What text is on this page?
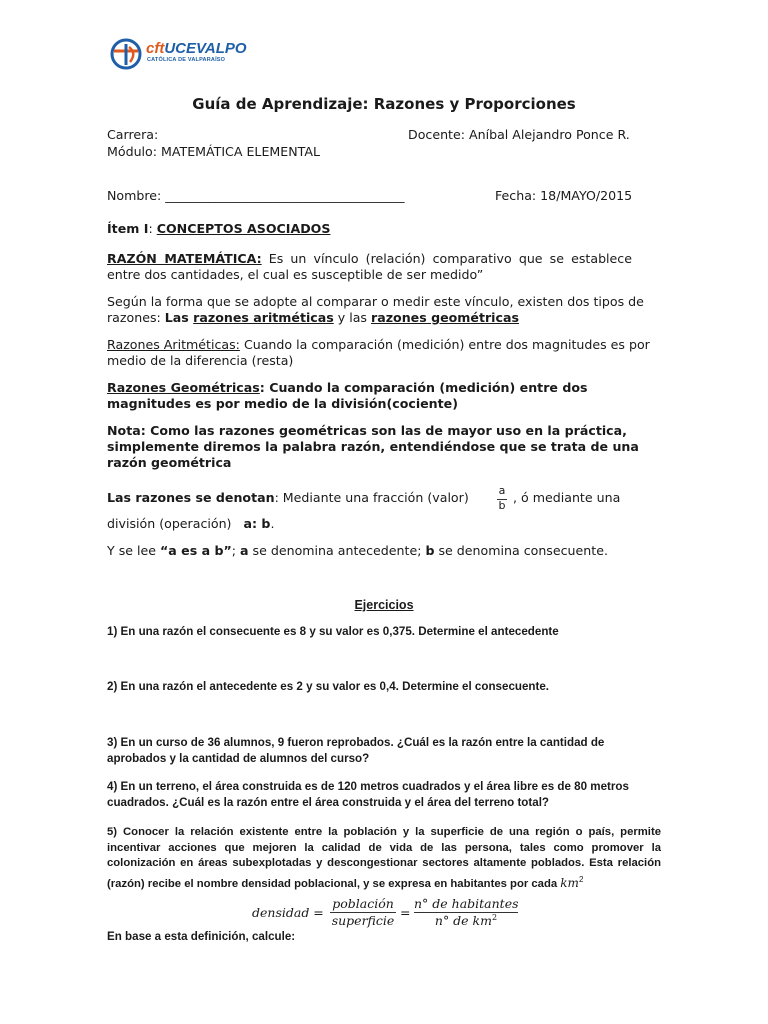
cftUCEVALPO
CATÓLICA DE VALPARAÍSO
Guía de Aprendizaje: Razones y Proporciones
Carrera:	Docente: Aníbal Alejandro Ponce R.
Módulo: MATEMÁTICA ELEMENTAL
Nombre: ______________________________________	Fecha: 18/MAYO/2015
Ítem I: CONCEPTOS ASOCIADOS
RAZÓN MATEMÁTICA: Es un vínculo (relación) comparativo que se establece entre dos cantidades, el cual es susceptible de ser medido”
Según la forma que se adopte al comparar o medir este vínculo, existen dos tipos de razones: Las razones aritméticas y las razones geométricas
Razones Aritméticas: Cuando la comparación (medición) entre dos magnitudes es por medio de la diferencia (resta)
Razones Geométricas: Cuando la comparación (medición) entre dos magnitudes es por medio de la división(cociente)
Nota: Como las razones geométricas son las de mayor uso en la práctica, simplemente diremos la palabra razón, entendiéndose que se trata de una razón geométrica
Las razones se denotan: Mediante una fracción (valor)	a
b
, ó mediante una
división (operación) a: b.
Y se lee “a es a b”; a se denomina antecedente; b se denomina consecuente.
Ejercicios
1) En una razón el consecuente es 8 y su valor es 0,375. Determine el antecedente
2) En una razón el antecedente es 2 y su valor es 0,4. Determine el consecuente.
3) En un curso de 36 alumnos, 9 fueron reprobados. ¿Cuál es la razón entre la cantidad de
aprobados y la cantidad de alumnos del curso?
4) En un terreno, el área construida es de 120 metros cuadrados y el área libre es de 80 metros
cuadrados. ¿Cuál es la razón entre el área construida y el área del terreno total?
5) Conocer la relación existente entre la población y la superficie de una región o país, permite incentivar acciones que mejoren la calidad de vida de las persona, tales como promover la colonización en áreas subexplotadas y descongestionar sectores altamente poblados. Esta relación (razón) recibe el nombre densidad poblacional, y se expresa en habitantes por cada $km^2$
densidad =
población
superficie
=
n° de habitantes
n° de $km^2$
En base a esta definición, calcule:
